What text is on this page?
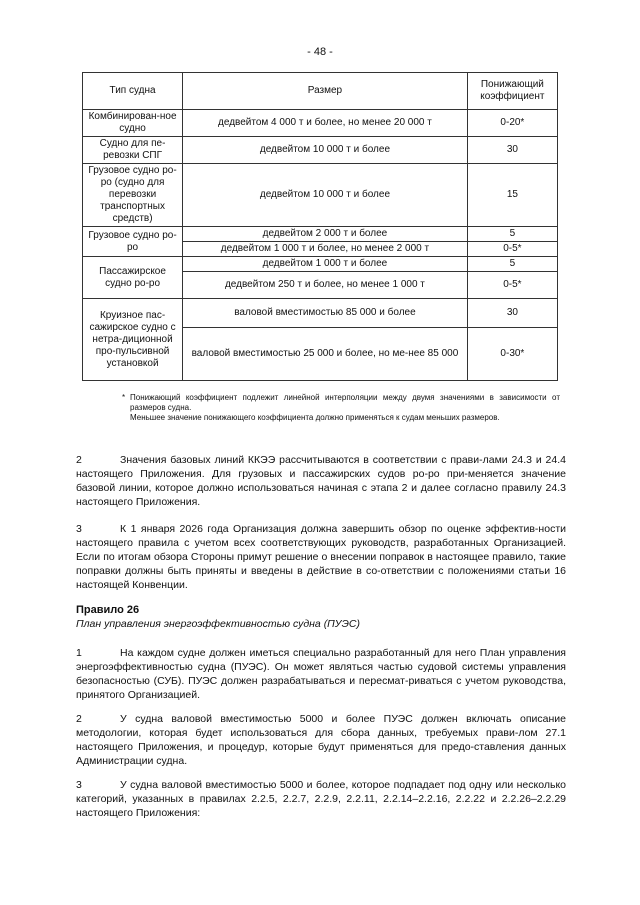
- 48 -
Тип судна	Размер	Понижающий коэффициент
Комбинирован-ное судно	дедвейтом 4 000 т и более, но менее 20 000 т	0-20*
Судно для пе-ревозки СПГ	дедвейтом 10 000 т и более	30
Грузовое судно ро-ро (судно для перевозки транспортных средств)	дедвейтом 10 000 т и более	15
Грузовое судно ро-ро	дедвейтом 2 000 т и более	5
	дедвейтом 1 000 т и более, но менее 2 000 т	0-5*
Пассажирское судно ро-ро	дедвейтом 1 000 т и более	5
	дедвейтом 250 т и более, но менее 1 000 т	0-5*
Круизное пас-сажирское судно с нетра-диционной про-пульсивной установкой	валовой вместимостью 85 000 и более	30
	валовой вместимостью 25 000 и более, но ме-нее 85 000	0-30*
* Понижающий коэффициент подлежит линейной интерполяции между двумя значениями в зависимости от размеров судна.
Меньшее значение понижающего коэффициента должно применяться к судам меньших размеров.

2	Значения базовых линий ККЭЭ рассчитываются в соответствии с прави-лами 24.3 и 24.4 настоящего Приложения. Для грузовых и пассажирских судов ро-ро при-меняется значение базовой линии, которое должно использоваться начиная с этапа 2 и далее согласно правилу 24.3 настоящего Приложения.

3	К 1 января 2026 года Организация должна завершить обзор по оценке эффектив-ности настоящего правила с учетом всех соответствующих руководств, разработанных Организацией. Если по итогам обзора Стороны примут решение о внесении поправок в настоящее правило, такие поправки должны быть приняты и введены в действие в со-ответствии с положениями статьи 16 настоящей Конвенции.

Правило 26

План управления энергоэффективностью судна (ПУЭС)

1	На каждом судне должен иметься специально разработанный для него План управления энергоэффективностью судна (ПУЭС). Он может являться частью судовой системы управления безопасностью (СУБ). ПУЭС должен разрабатываться и пересмат-риваться с учетом руководства, принятого Организацией.

2	У судна валовой вместимостью 5000 и более ПУЭС должен включать описание методологии, которая будет использоваться для сбора данных, требуемых прави-лом 27.1 настоящего Приложения, и процедур, которые будут применяться для предо-ставления данных Администрации судна.

3	У судна валовой вместимостью 5000 и более, которое подпадает под одну или несколько категорий, указанных в правилах 2.2.5, 2.2.7, 2.2.9, 2.2.11, 2.2.14–2.2.16, 2.2.22 и 2.2.26–2.2.29 настоящего Приложения:
